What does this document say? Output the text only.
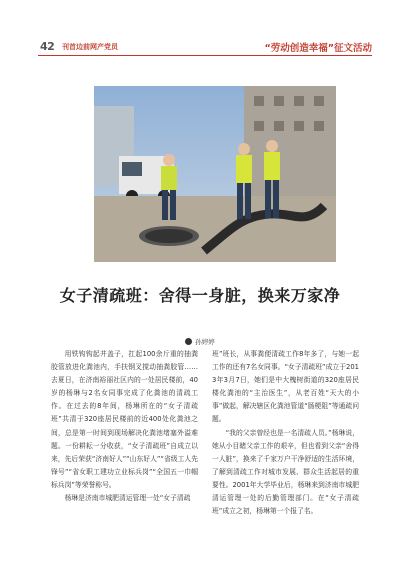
42 刊首边前网产党员	“劳动创造幸福”征文活动
女子清疏班：舍得一身脏，换来万家净
孙婷婷

用铁钩钩起井盖子，扛起100余斤重的抽粪胶管放进化粪池内，手扶钢叉搅动抽粪胶管……去夏日，在济南裕丽社区内的一处居民楼前，40岁的杨琳与2名女同事完成了化粪池的清疏工作。在过去的8年间，杨琳所在的“女子清疏班”共清于320座居民楼前的近400处化粪池之间，总是第一时间到现场解决化粪池堵塞外溢难题。一份耕耘一分收获，“女子清疏班”自成立以来，先后荣获“济南好人”“山东好人”“省级工人先锋号”“省女职工建功立业标兵岗”“全国五一巾帼标兵岗”等荣誉称号。

杨琳是济南市城肥清运管理一处“女子清疏

班”班长，从事粪便清疏工作8年多了，与她一起工作的还有7名女同事。“女子清疏班”成立于2013年3月7日，她们是中大槐树街道的320座居民楼化粪池的“主治医生”，从老百姓“天大的小事”做起，解决辖区化粪池管道“肠梗阻”等通疏问题。

“我的父亲曾经也是一名清疏人员。”杨琳说，她从小目睹父亲工作的艰辛，但也看到父亲“舍得一人脏”，换来了千家万户干净舒适的生活环境，了解到清疏工作对城市发展、群众生活起居的重要性。2001年大学毕业后，杨琳来到济南市城肥清运管理一处的后勤管理部门。在“女子清疏班”成立之初，杨琳第一个报了名。
